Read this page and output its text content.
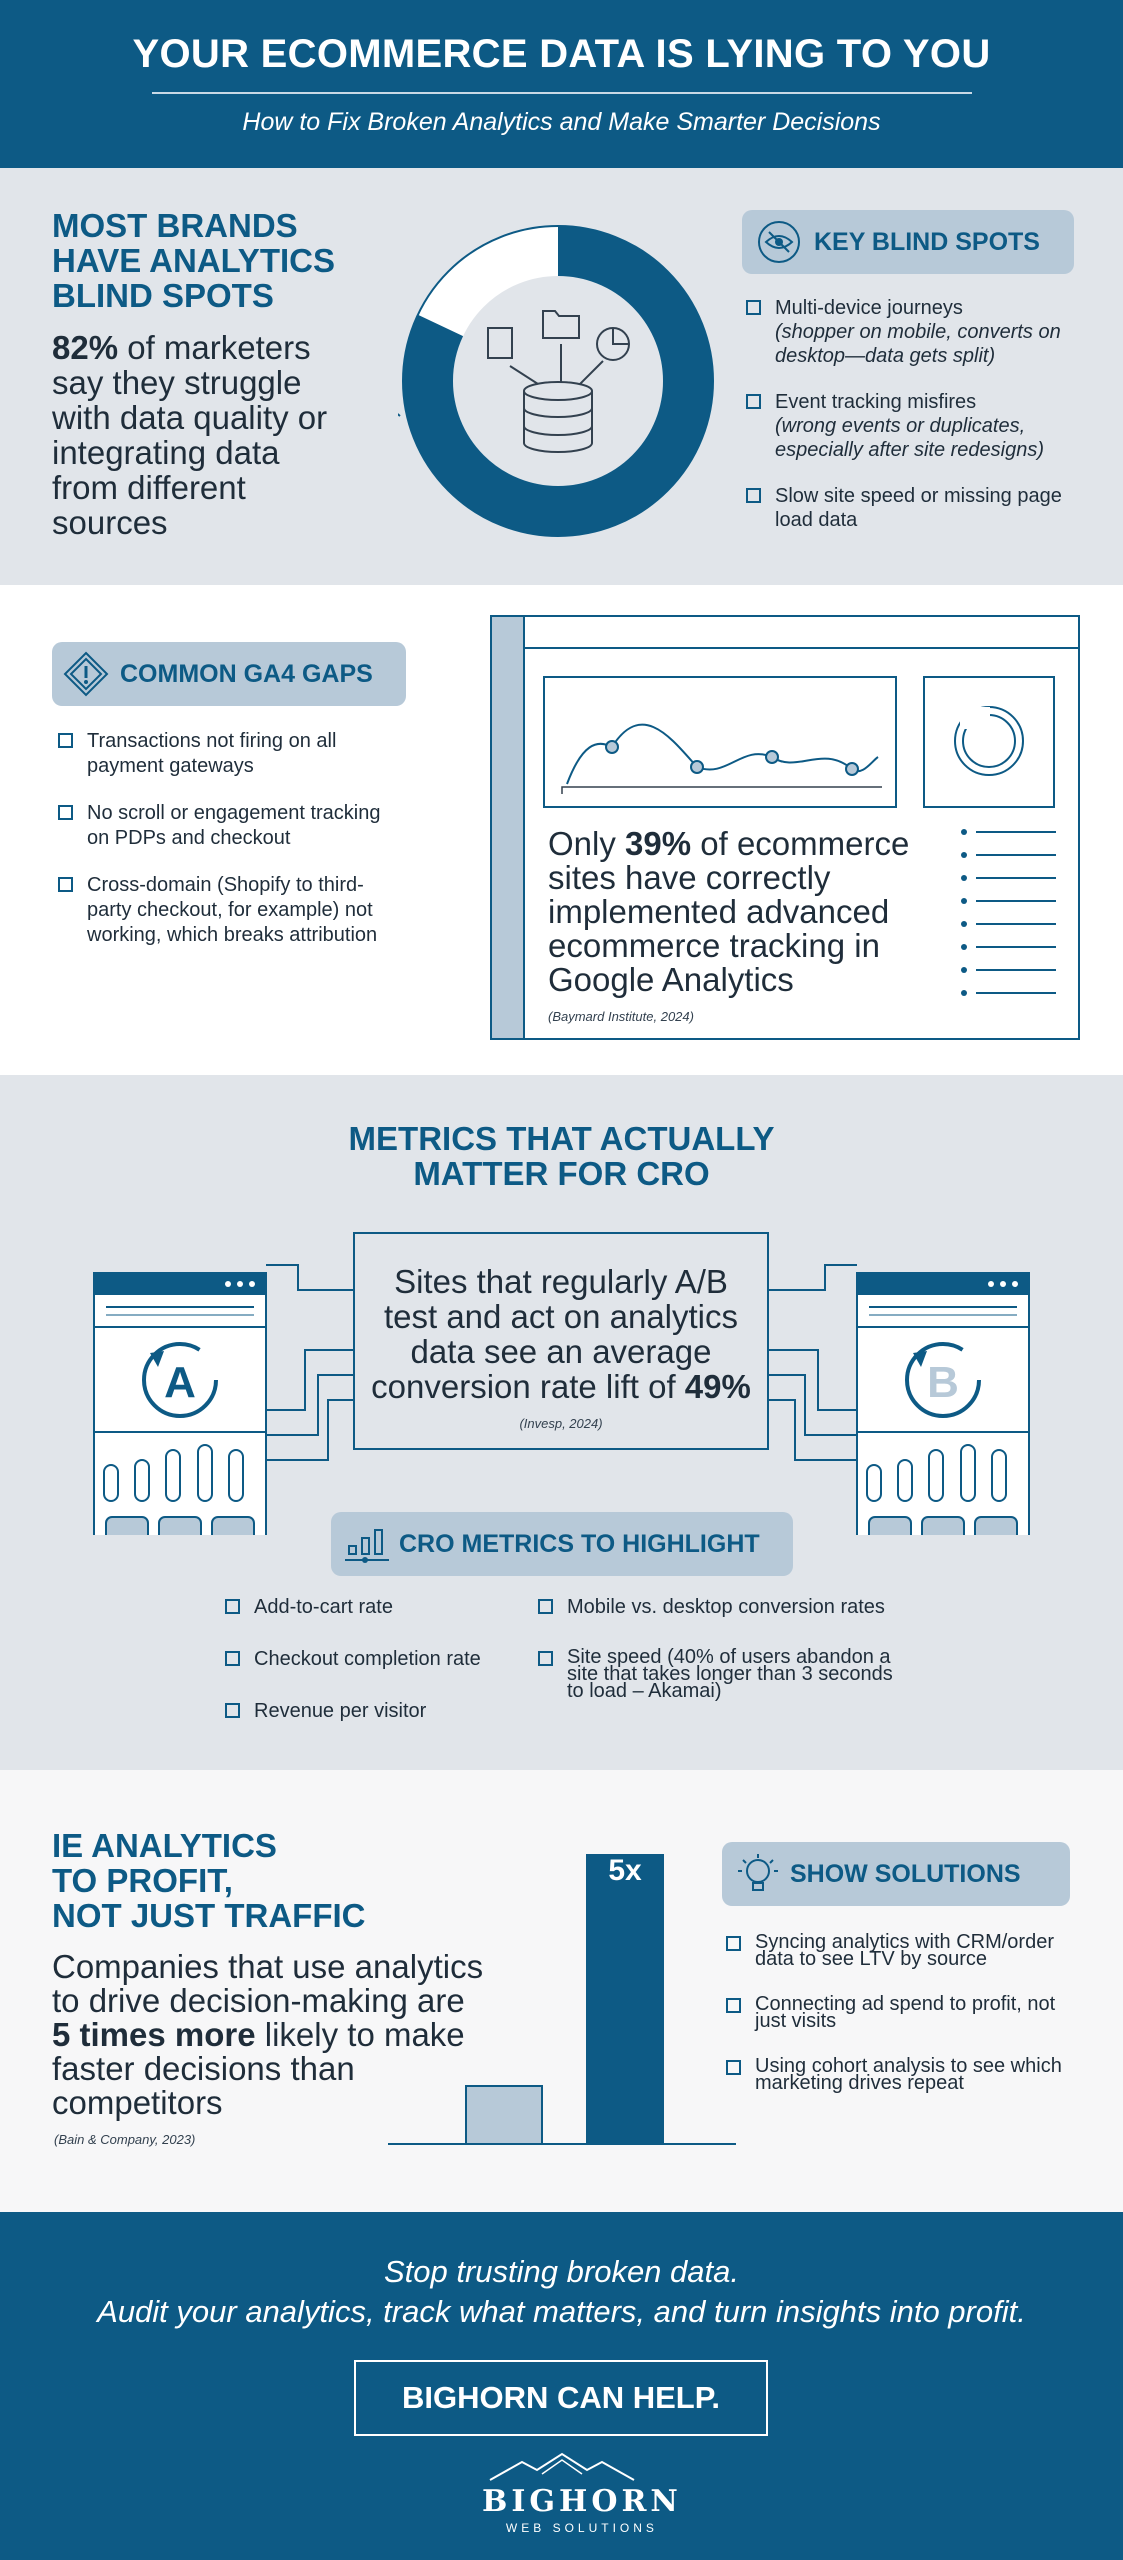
YOUR ECOMMERCE DATA IS LYING TO YOU
How to Fix Broken Analytics and Make Smarter Decisions
MOST BRANDS
HAVE ANALYTICS
BLIND SPOTS
82% of marketers say they struggle with data quality or integrating data from different sources
KEY BLIND SPOTS
Multi-device journeys
(shopper on mobile, converts on desktop—data gets split)
Event tracking misfires
(wrong events or duplicates, especially after site redesigns)
Slow site speed or missing page load data
COMMON GA4 GAPS
Transactions not firing on all payment gateways
No scroll or engagement tracking on PDPs and checkout
Cross-domain (Shopify to third-party checkout, for example) not working, which breaks attribution
Only 39% of ecommerce sites have correctly implemented advanced ecommerce tracking in Google Analytics
(Baymard Institute, 2024)
METRICS THAT ACTUALLY
MATTER FOR CRO
A	B
Sites that regularly A/B test and act on analytics data see an average conversion rate lift of 49%
(Invesp, 2024)
CRO METRICS TO HIGHLIGHT
Add-to-cart rate
Checkout completion rate
Revenue per visitor
Mobile vs. desktop conversion rates
Site speed (40% of users abandon a site that takes longer than 3 seconds to load – Akamai)
IE ANALYTICS
TO PROFIT,
NOT JUST TRAFFIC
5x
Companies that use analytics to drive decision-making are 5 times more likely to make faster decisions than competitors
(Bain & Company, 2023)
SHOW SOLUTIONS
Syncing analytics with CRM/order data to see LTV by source
Connecting ad spend to profit, not just visits
Using cohort analysis to see which marketing drives repeat
Stop trusting broken data.
Audit your analytics, track what matters, and turn insights into profit.
BIGHORN CAN HELP.
BIGHORN
WEB SOLUTIONS
